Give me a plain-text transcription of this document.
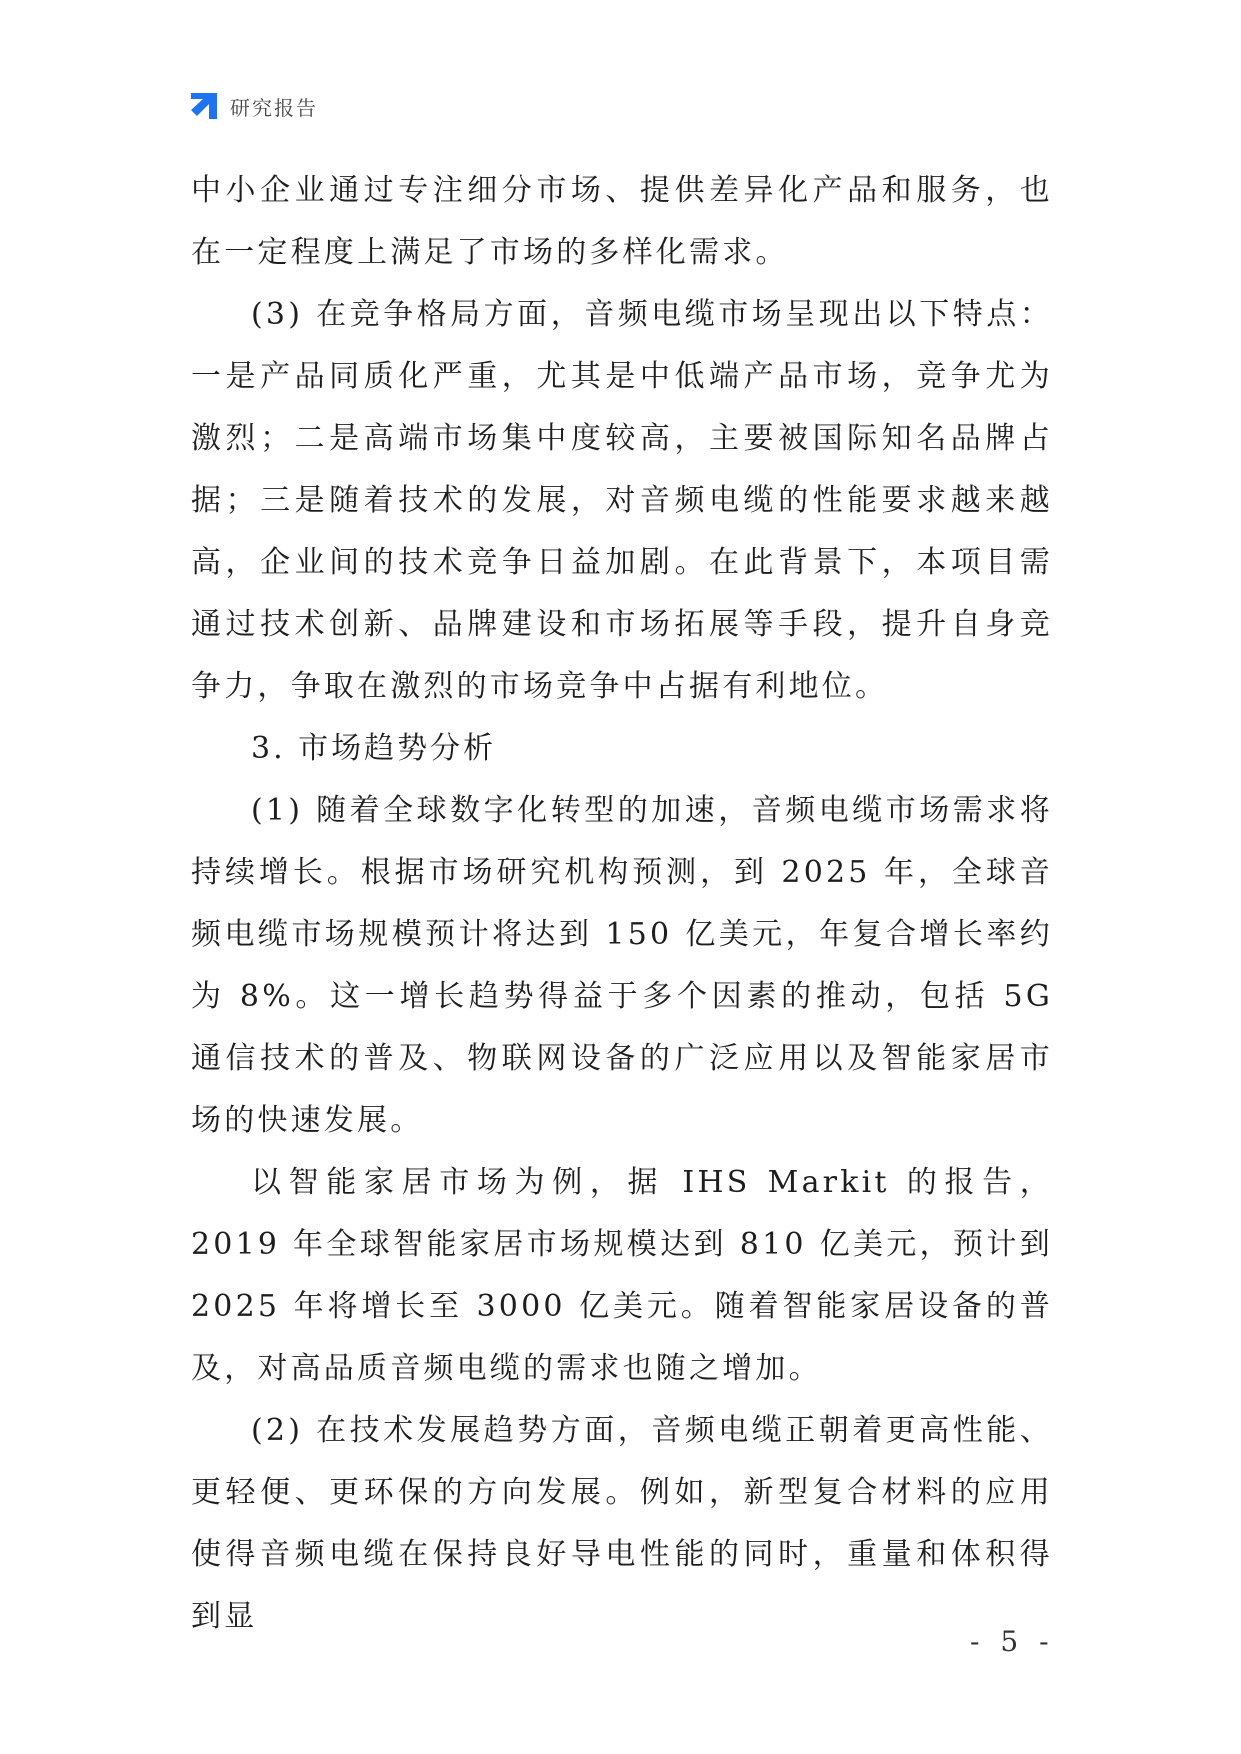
研究报告

中小企业通过专注细分市场、提供差异化产品和服务，也在一定程度上满足了市场的多样化需求。

(3) 在竞争格局方面，音频电缆市场呈现出以下特点：一是产品同质化严重，尤其是中低端产品市场，竞争尤为激烈；二是高端市场集中度较高，主要被国际知名品牌占据；三是随着技术的发展，对音频电缆的性能要求越来越高，企业间的技术竞争日益加剧。在此背景下，本项目需通过技术创新、品牌建设和市场拓展等手段，提升自身竞争力，争取在激烈的市场竞争中占据有利地位。

3. 市场趋势分析

(1) 随着全球数字化转型的加速，音频电缆市场需求将持续增长。根据市场研究机构预测，到 2025 年，全球音频电缆市场规模预计将达到 150 亿美元，年复合增长率约为 8%。这一增长趋势得益于多个因素的推动，包括 5G 通信技术的普及、物联网设备的广泛应用以及智能家居市场的快速发展。

以智能家居市场为例，据 IHS Markit 的报告，2019 年全球智能家居市场规模达到 810 亿美元，预计到 2025 年将增长至 3000 亿美元。随着智能家居设备的普及，对高品质音频电缆的需求也随之增加。

(2) 在技术发展趋势方面，音频电缆正朝着更高性能、更轻便、更环保的方向发展。例如，新型复合材料的应用使得音频电缆在保持良好导电性能的同时，重量和体积得到显

- 5 -
